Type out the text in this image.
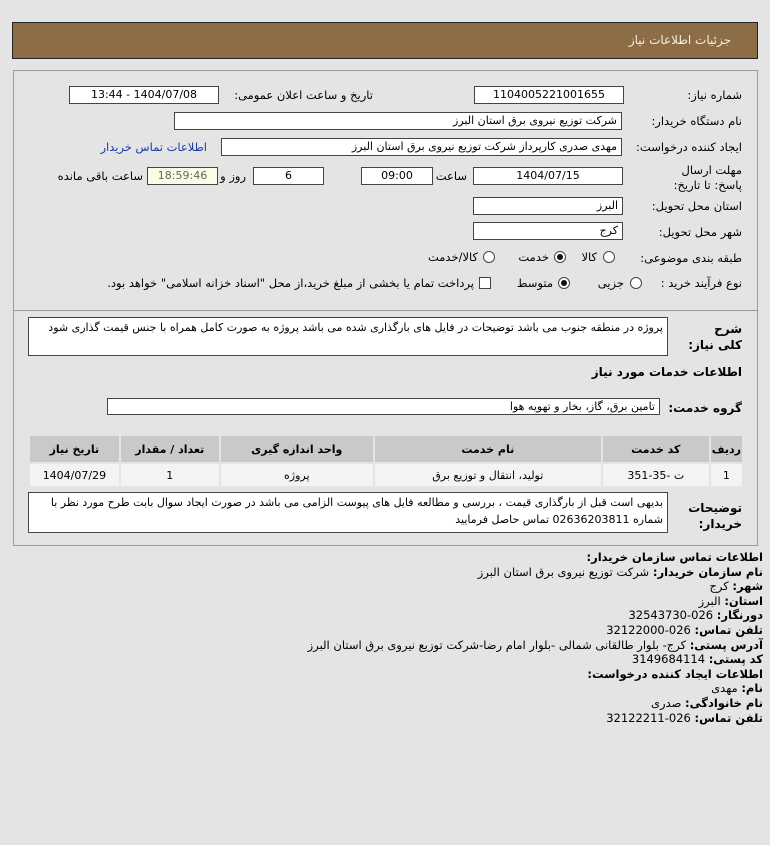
جزئیات اطلاعات نیاز
شماره نیاز:
1104005221001655
تاریخ و ساعت اعلان عمومی:
1404/07/08 - 13:44
نام دستگاه خریدار:
شرکت توزیع نیروی برق استان البرز
ایجاد کننده درخواست:
مهدی صدری کارپرداز شرکت توزیع نیروی برق استان البرز
اطلاعات تماس خریدار
مهلت ارسال پاسخ: تا تاریخ:
1404/07/15
ساعت
09:00
6
روز و
18:59:46
ساعت باقی مانده
استان محل تحویل:
البرز
شهر محل تحویل:
کرج
طبقه بندی موضوعی:
کالا
خدمت
کالا/خدمت
نوع فرآیند خرید :
جزیی
متوسط
پرداخت تمام یا بخشی از مبلغ خرید،از محل "اسناد خزانه اسلامی" خواهد بود.
شرح کلی نیاز:
پروژه در منطقه جنوب می باشد توضیحات در فایل های بارگذاری شده می باشد پروژه به صورت کامل همراه با جنس قیمت گذاری شود
اطلاعات خدمات مورد نیاز
گروه خدمت:
تامین برق، گاز، بخار و تهویه هوا
ردیف	کد خدمت	نام خدمت	واحد اندازه گیری	تعداد / مقدار	تاریخ نیاز
1	ت -35-351	تولید، انتقال و توزیع برق	پروژه	1	1404/07/29
توضیحات خریدار:
بدیهی است قبل از بارگذاری قیمت ، بررسی و مطالعه فایل های پیوست الزامی می باشد در صورت ایجاد سوال بابت طرح مورد نظر با شماره 02636203811 تماس حاصل فرمایید
اطلاعات تماس سازمان خریدار:
نام سازمان خریدار: شرکت توزیع نیروی برق استان البرز
شهر: کرج
استان: البرز
دورنگار: 026-32543730
تلفن تماس: 026-32122000
آدرس پستی: کرج- بلوار طالقانی شمالی -بلوار امام رضا-شرکت توزیع نیروی برق استان البرز
کد پستی: 3149684114
اطلاعات ایجاد کننده درخواست:
نام: مهدی
نام خانوادگی: صدری
تلفن تماس: 026-32122211
